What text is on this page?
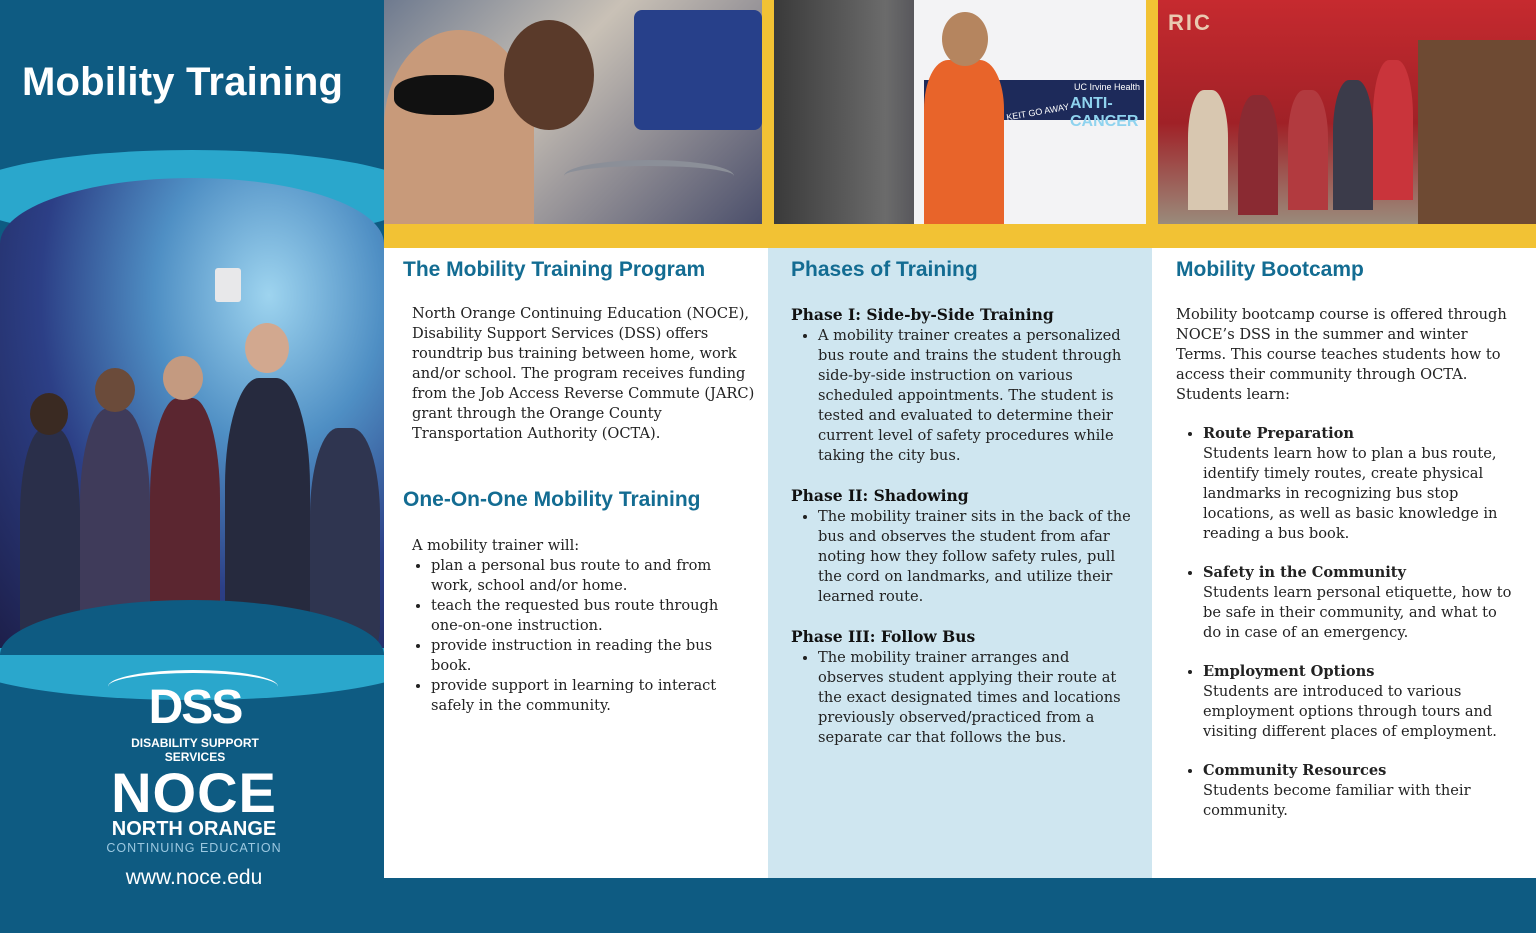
Mobility Training
DSS
DISABILITY SUPPORT SERVICES
NOCE
NORTH ORANGE
CONTINUING EDUCATION
www.noce.edu
KEIT GO AWAY
UC Irvine Health
ANTI-CANCER
RIC
The Mobility Training Program
North Orange Continuing Education (NOCE), Disability Support Services (DSS) offers roundtrip bus training between home, work and/or school. The program receives funding from the Job Access Reverse Commute (JARC) grant through the Orange County Transportation Authority (OCTA).
One-On-One Mobility Training
A mobility trainer will:
• plan a personal bus route to and from work, school and/or home.
• teach the requested bus route through one-on-one instruction.
• provide instruction in reading the bus book.
• provide support in learning to interact safely in the community.
Phases of Training
Phase I: Side-by-Side Training
• A mobility trainer creates a personalized bus route and trains the student through side-by-side instruction on various scheduled appointments. The student is tested and evaluated to determine their current level of safety procedures while taking the city bus.
Phase II: Shadowing
• The mobility trainer sits in the back of the bus and observes the student from afar noting how they follow safety rules, pull the cord on landmarks, and utilize their learned route.
Phase III: Follow Bus
• The mobility trainer arranges and observes student applying their route at the exact designated times and locations previously observed/practiced from a separate car that follows the bus.
Mobility Bootcamp
Mobility bootcamp course is offered through NOCE’s DSS in the summer and winter Terms. This course teaches students how to access their community through OCTA. Students learn:
• Route Preparation
Students learn how to plan a bus route, identify timely routes, create physical landmarks in recognizing bus stop locations, as well as basic knowledge in reading a bus book.
• Safety in the Community
Students learn personal etiquette, how to be safe in their community, and what to do in case of an emergency.
• Employment Options
Students are introduced to various employment options through tours and visiting different places of employment.
• Community Resources
Students become familiar with their community.
